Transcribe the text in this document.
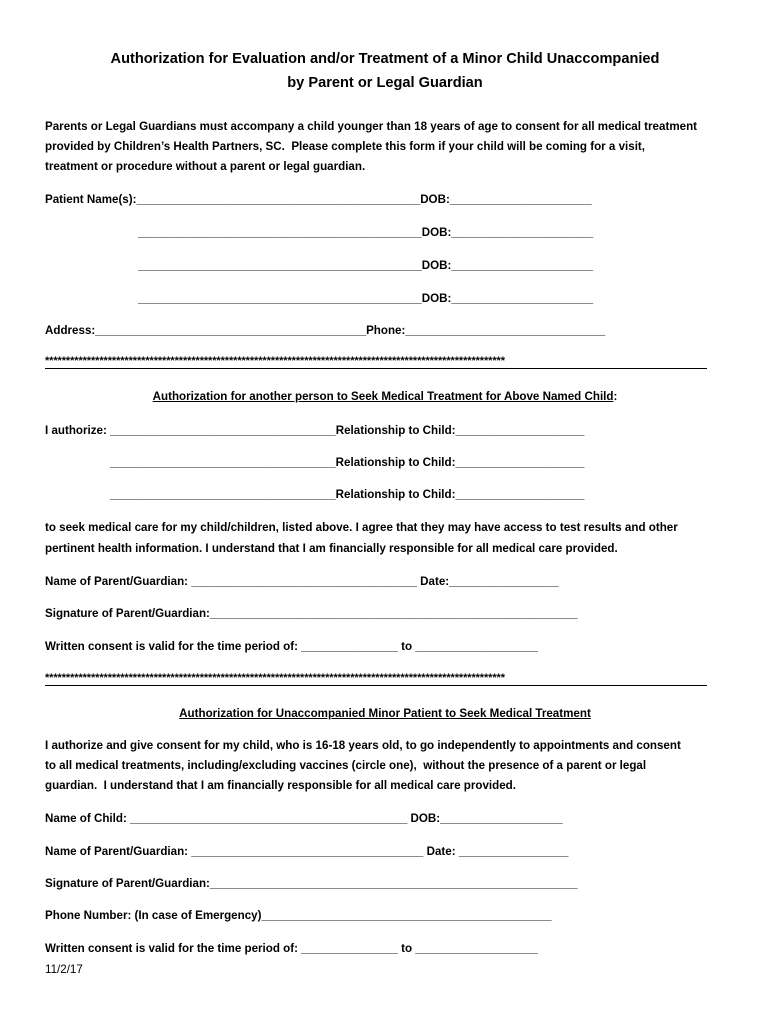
Authorization for Evaluation and/or Treatment of a Minor Child Unaccompanied
by Parent or Legal Guardian
Parents or Legal Guardians must accompany a child younger than 18 years of age to consent for all medical treatment
provided by Children’s Health Partners, SC.  Please complete this form if your child will be coming for a visit,
treatment or procedure without a parent or legal guardian.
Patient Name(s):____________________________________________DOB:______________________
____________________________________________DOB:______________________
____________________________________________DOB:______________________
____________________________________________DOB:______________________
Address:__________________________________________Phone:_______________________________
**************************************************************************************************************
Authorization for another person to Seek Medical Treatment for Above Named Child:
I authorize: ___________________________________Relationship to Child:____________________
___________________________________Relationship to Child:____________________
___________________________________Relationship to Child:____________________
to seek medical care for my child/children, listed above. I agree that they may have access to test results and other
pertinent health information. I understand that I am financially responsible for all medical care provided.
Name of Parent/Guardian: ___________________________________ Date:_________________
Signature of Parent/Guardian:_________________________________________________________
Written consent is valid for the time period of: _______________ to ___________________
**************************************************************************************************************
Authorization for Unaccompanied Minor Patient to Seek Medical Treatment
I authorize and give consent for my child, who is 16-18 years old, to go independently to appointments and consent
to all medical treatments, including/excluding vaccines (circle one),  without the presence of a parent or legal
guardian.  I understand that I am financially responsible for all medical care provided.
Name of Child: ___________________________________________ DOB:___________________
Name of Parent/Guardian: ____________________________________ Date: _________________
Signature of Parent/Guardian:_________________________________________________________
Phone Number: (In case of Emergency)_____________________________________________
Written consent is valid for the time period of: _______________ to ___________________
11/2/17
